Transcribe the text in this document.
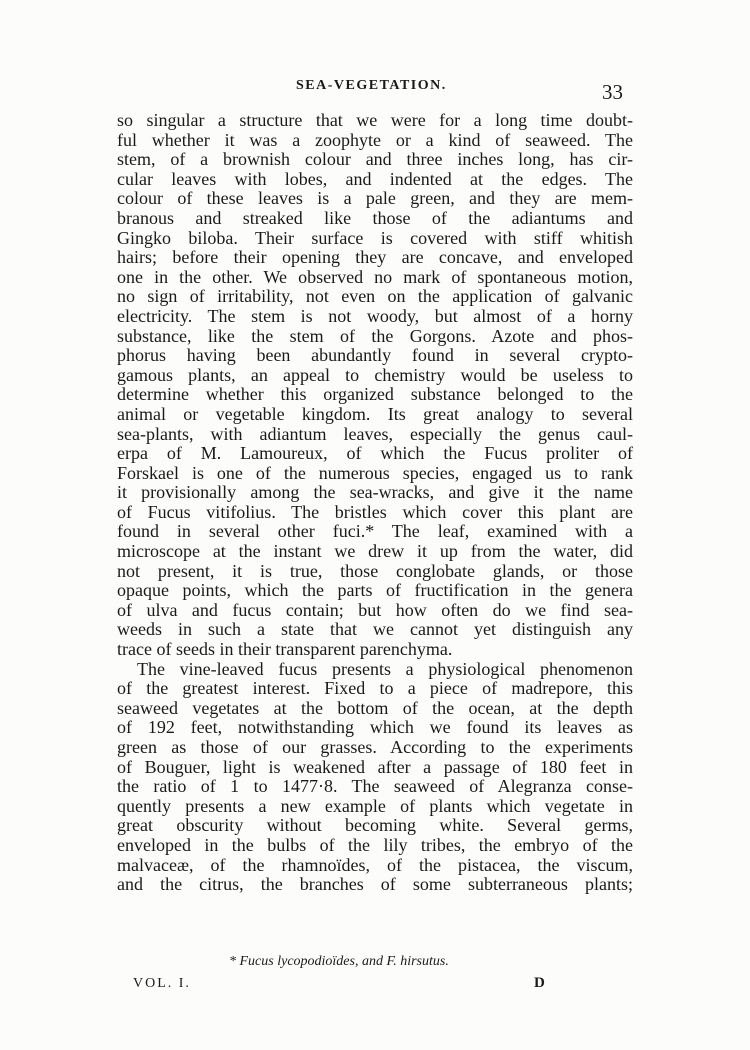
SEA-VEGETATION.	33
so singular a structure that we were for a long time doubt-
ful whether it was a zoophyte or a kind of seaweed. The
stem, of a brownish colour and three inches long, has cir-
cular leaves with lobes, and indented at the edges. The
colour of these leaves is a pale green, and they are mem-
branous and streaked like those of the adiantums and
Gingko biloba. Their surface is covered with stiff whitish
hairs; before their opening they are concave, and enveloped
one in the other. We observed no mark of spontaneous motion,
no sign of irritability, not even on the application of galvanic
electricity. The stem is not woody, but almost of a horny
substance, like the stem of the Gorgons. Azote and phos-
phorus having been abundantly found in several crypto-
gamous plants, an appeal to chemistry would be useless to
determine whether this organized substance belonged to the
animal or vegetable kingdom. Its great analogy to several
sea-plants, with adiantum leaves, especially the genus caul-
erpa of M. Lamoureux, of which the Fucus proliter of
Forskael is one of the numerous species, engaged us to rank
it provisionally among the sea-wracks, and give it the name
of Fucus vitifolius. The bristles which cover this plant are
found in several other fuci.* The leaf, examined with a
microscope at the instant we drew it up from the water, did
not present, it is true, those conglobate glands, or those
opaque points, which the parts of fructification in the genera
of ulva and fucus contain; but how often do we find sea-
weeds in such a state that we cannot yet distinguish any
trace of seeds in their transparent parenchyma.
The vine-leaved fucus presents a physiological phenomenon
of the greatest interest. Fixed to a piece of madrepore, this
seaweed vegetates at the bottom of the ocean, at the depth
of 192 feet, notwithstanding which we found its leaves as
green as those of our grasses. According to the experiments
of Bouguer, light is weakened after a passage of 180 feet in
the ratio of 1 to 1477·8. The seaweed of Alegranza conse-
quently presents a new example of plants which vegetate in
great obscurity without becoming white. Several germs,
enveloped in the bulbs of the lily tribes, the embryo of the
malvaceæ, of the rhamnoïdes, of the pistacea, the viscum,
and the citrus, the branches of some subterraneous plants;
* Fucus lycopodioïdes, and F. hirsutus.
VOL. I.	D
